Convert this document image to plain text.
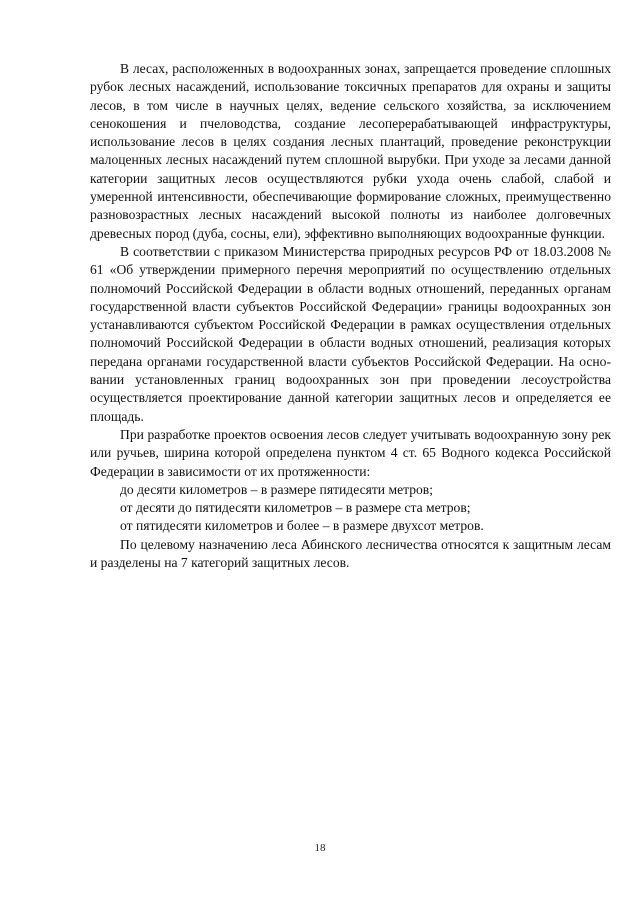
В лесах, расположенных в водоохранных зонах, запрещается проведение сплошных рубок лесных насаждений, использование токсичных препаратов для охраны и защиты лесов, в том числе в научных целях, ведение сельского хозяйства, за исключением сенокошения и пчеловодства, создание лесоперерабатывающей инфраструктуры, использование лесов в целях создания лесных плантаций, проведение реконструкции малоценных лесных насаждений путем сплошной вырубки. При уходе за лесами данной категории защитных лесов осуществляются рубки ухода очень слабой, слабой и умеренной интенсивности, обеспечивающие формирование сложных, преимущественно разновозрастных лесных насаждений высокой полноты из наиболее долговечных древесных пород (дуба, сосны, ели), эффективно выполняющих водоохранные функции.

В соответствии с приказом Министерства природных ресурсов РФ от 18.03.2008 № 61 «Об утверждении примерного перечня мероприятий по осуществлению отдельных полномочий Российской Федерации в области водных отношений, переданных органам государственной власти субъектов Российской Федерации» границы водоохранных зон устанавливаются субъектом Российской Федерации в рамках осуществления отдельных полномочий Российской Федерации в области водных отношений, реализация которых передана органами государственной власти субъектов Российской Федерации. На основании установленных границ водоохранных зон при проведении лесоустройства осуществляется проектирование данной категории защитных лесов и определяется ее площадь.

При разработке проектов освоения лесов следует учитывать водоохранную зону рек или ручьев, ширина которой определена пунктом 4 ст. 65 Водного кодекса Российской Федерации в зависимости от их протяженности:

до десяти километров – в размере пятидесяти метров;

от десяти до пятидесяти километров – в размере ста метров;

от пятидесяти километров и более – в размере двухсот метров.

По целевому назначению леса Абинского лесничества относятся к защитным лесам и разделены на 7 категорий защитных лесов.

18
